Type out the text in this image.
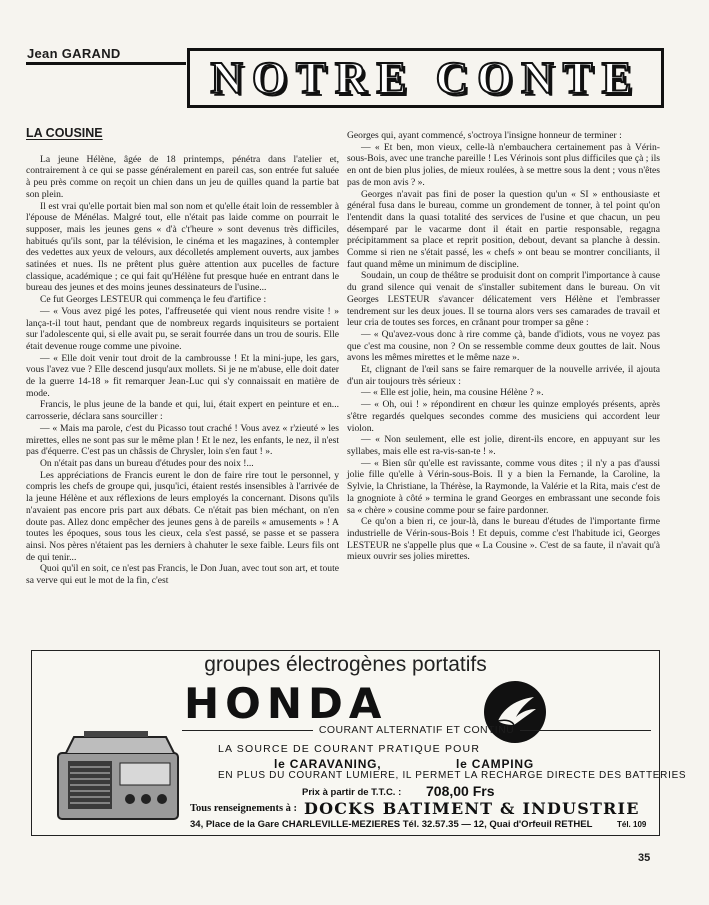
Jean GARAND NOTRE CONTE
LA COUSINE

La jeune Hélène, âgée de 18 printemps, pénétra dans l'atelier et, contrairement à ce qui se passe généralement en pareil cas, son entrée fut saluée à peu près comme on reçoit un chien dans un jeu de quilles quand la partie bat son plein.

Il est vrai qu'elle portait bien mal son nom et qu'elle était loin de ressembler à l'épouse de Ménélas. Malgré tout, elle n'était pas laide comme on pourrait le supposer, mais les jeunes gens « d'à c't'heure » sont devenus très difficiles, habitués qu'ils sont, par la télévision, le cinéma et les magazines, à contempler des vedettes aux yeux de velours, aux décolletés amplement ouverts, aux jambes satinées et nues. Ils ne prêtent plus guère attention aux pucelles de facture classique, académique ; ce qui fait qu'Hélène fut presque huée en entrant dans le bureau des jeunes et des moins jeunes dessinateurs de l'usine...

Ce fut Georges LESTEUR qui commença le feu d'artifice :

— « Vous avez pigé les potes, l'affreusetée qui vient nous rendre visite ! » lança-t-il tout haut, pendant que de nombreux regards inquisiteurs se portaient sur l'adolescente qui, si elle avait pu, se serait fourrée dans un trou de souris. Elle était devenue rouge comme une pivoine.

— « Elle doit venir tout droit de la cambrousse ! Et la mini-jupe, les gars, vous l'avez vue ? Elle descend jusqu'aux mollets. Si je ne m'abuse, elle doit dater de la guerre 14-18 » fit remarquer Jean-Luc qui s'y connaissait en matière de mode.

Francis, le plus jeune de la bande et qui, lui, était expert en peinture et en... carrosserie, déclara sans sourciller :

— « Mais ma parole, c'est du Picasso tout craché ! Vous avez « r'zieuté » les mirettes, elles ne sont pas sur le même plan ! Et le nez, les enfants, le nez, il n'est pas d'équerre. C'est pas un châssis de Chrysler, loin s'en faut ! ».

On n'était pas dans un bureau d'études pour des noix !...

Les appréciations de Francis eurent le don de faire rire tout le personnel, y compris les chefs de groupe qui, jusqu'ici, étaient restés insensibles à l'arrivée de la jeune Hélène et aux réflexions de leurs employés la concernant. Disons qu'ils n'avaient pas encore pris part aux débats. Ce n'était pas bien méchant, on n'en doute pas. Allez donc empêcher des jeunes gens à de pareils « amusements » ! A toutes les époques, sous tous les cieux, cela s'est passé, se passe et se passera ainsi. Nos pères n'étaient pas les derniers à chahuter le sexe faible. Leurs fils ont de qui tenir...

Quoi qu'il en soit, ce n'est pas Francis, le Don Juan, avec tout son art, et toute sa verve qui eut le mot de la fin, c'est

Georges qui, ayant commencé, s'octroya l'insigne honneur de terminer :

— « Et ben, mon vieux, celle-là n'embauchera certainement pas à Vérin-sous-Bois, avec une tranche pareille ! Les Vérinois sont plus difficiles que çà ; ils en ont de bien plus jolies, de mieux roulées, à se mettre sous la dent ; vous n'êtes pas de mon avis ? ».

Georges n'avait pas fini de poser la question qu'un « SI » enthousiaste et général fusa dans le bureau, comme un grondement de tonner, à tel point qu'on l'entendit dans la quasi totalité des services de l'usine et que chacun, un peu désemparé par le vacarme dont il était en partie responsable, regagna précipitamment sa place et reprit position, debout, devant sa planche à dessin. Comme si rien ne s'était passé, les « chefs » ont beau se montrer conciliants, il faut quand même un minimum de discipline.

Soudain, un coup de théâtre se produisit dont on comprit l'importance à cause du grand silence qui venait de s'installer subitement dans le bureau. On vit Georges LESTEUR s'avancer délicatement vers Hélène et l'embrasser tendrement sur les deux joues. Il se tourna alors vers ses camarades de travail et leur cria de toutes ses forces, en crânant pour tromper sa gêne :

— « Qu'avez-vous donc à rire comme çà, bande d'idiots, vous ne voyez pas que c'est ma cousine, non ? On se ressemble comme deux gouttes de lait. Nous avons les mêmes mirettes et le même naze ».

Et, clignant de l'œil sans se faire remarquer de la nouvelle arrivée, il ajouta d'un air toujours très sérieux :

— « Elle est jolie, hein, ma cousine Hélène ? ».

— « Oh, oui ! » répondirent en chœur les quinze employés présents, après s'être regardés quelques secondes comme des musiciens qui accordent leur violon.

— « Non seulement, elle est jolie, dirent-ils encore, en appuyant sur les syllabes, mais elle est ra-vis-san-te ! ».

— « Bien sûr qu'elle est ravissante, comme vous dites ; il n'y a pas d'aussi jolie fille qu'elle à Vérin-sous-Bois. Il y a bien la Fernande, la Caroline, la Sylvie, la Christiane, la Thérèse, la Raymonde, la Valérie et la Rita, mais c'est de la gnogniote à côté » termina le grand Georges en embrassant une seconde fois sa « chère » cousine comme pour se faire pardonner.

Ce qu'on a bien ri, ce jour-là, dans le bureau d'études de l'importante firme industrielle de Vérin-sous-Bois ! Et depuis, comme c'est l'habitude ici, Georges LESTEUR ne s'appelle plus que « La Cousine ». C'est de sa faute, il n'avait qu'à mieux ouvrir ses jolies mirettes.

groupes électrogènes portatifs
HONDA
COURANT ALTERNATIF ET CONTINU
LA SOURCE DE COURANT PRATIQUE POUR
le CARAVANING,	le CAMPING
EN PLUS DU COURANT LUMIERE, IL PERMET LA RECHARGE DIRECTE DES BATTERIES
Prix à partir de T.T.C. : 708,00 Frs
Tous renseignements à : DOCKS BATIMENT & INDUSTRIE
34, Place de la Gare CHARLEVILLE-MEZIERES Tél. 32.57.35 — 12, Quai d'Orfeuil RETHEL	Tél. 109
35
